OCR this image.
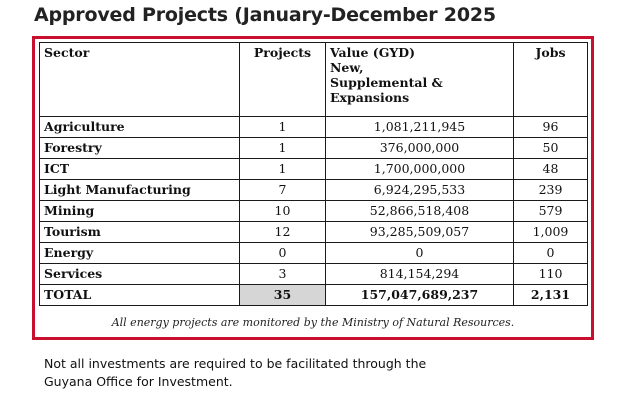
Approved Projects (January-December 2025
Sector	Projects	Value (GYD)
New,
Supplemental &
Expansions	Jobs
Agriculture	1	1,081,211,945	96
Forestry	1	376,000,000	50
ICT	1	1,700,000,000	48
Light Manufacturing	7	6,924,295,533	239
Mining	10	52,866,518,408	579
Tourism	12	93,285,509,057	1,009
Energy	0	0	0
Services	3	814,154,294	110
TOTAL	35	157,047,689,237	2,131
All energy projects are monitored by the Ministry of Natural Resources.
Not all investments are required to be facilitated through the
Guyana Office for Investment.
